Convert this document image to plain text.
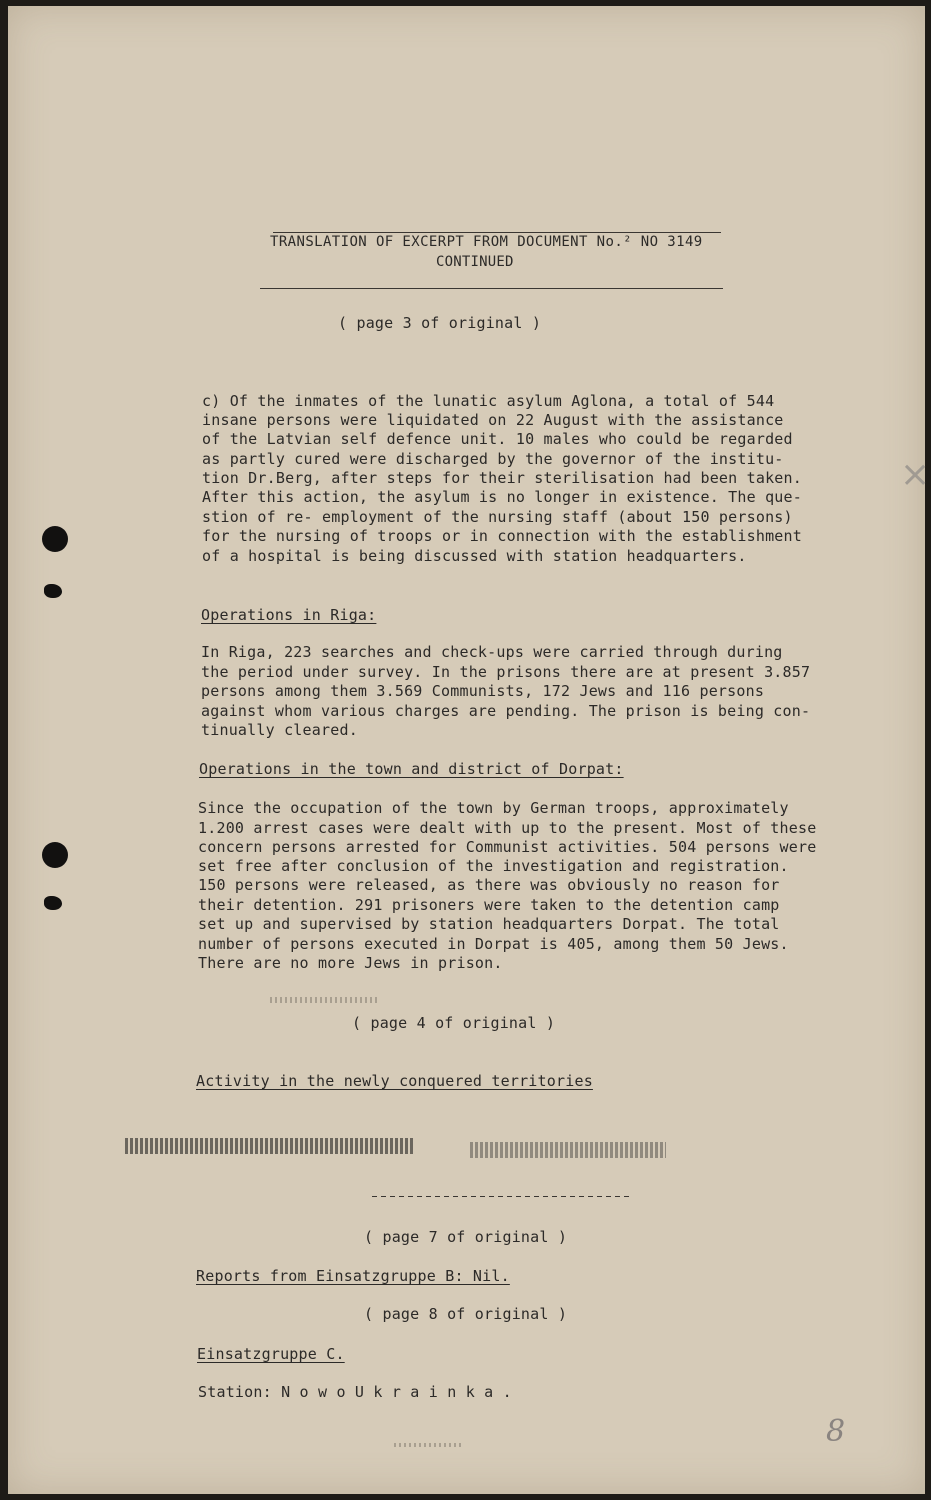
TRANSLATION OF EXCERPT FROM DOCUMENT No.² NO 3149
CONTINUED
( page 3 of original )
c) Of the inmates of the lunatic asylum Aglona, a total of 544
insane persons were liquidated on 22 August with the assistance
of the Latvian self defence unit. 10 males who could be regarded
as partly cured were discharged by the governor of the institu-
tion Dr.Berg, after steps for their sterilisation had been taken.
After this action, the asylum is no longer in existence. The que-
stion of re- employment of the nursing staff (about 150 persons)
for the nursing of troops or in connection with the establishment
of a hospital is being discussed with station headquarters.
Operations in Riga:
In Riga, 223 searches and check-ups were carried through during
the period under survey. In the prisons there are at present 3.857
persons among them 3.569 Communists, 172 Jews and 116 persons
against whom various charges are pending. The prison is being con-
tinually cleared.
Operations in the town and district of Dorpat:
Since the occupation of the town by German troops, approximately
1.200 arrest cases were dealt with up to the present. Most of these
concern persons arrested for Communist activities. 504 persons were
set free after conclusion of the investigation and registration.
150 persons were released, as there was obviously no reason for
their detention. 291 prisoners were taken to the detention camp
set up and supervised by station headquarters Dorpat. The total
number of persons executed in Dorpat is 405, among them 50 Jews.
There are no more Jews in prison.
( page 4 of original )
Activity in the newly conquered territories
( page 7 of original )
Reports from Einsatzgruppe B: Nil.
( page 8 of original )
Einsatzgruppe C.
Station: N o w o U k r a i n k a .
8
×
